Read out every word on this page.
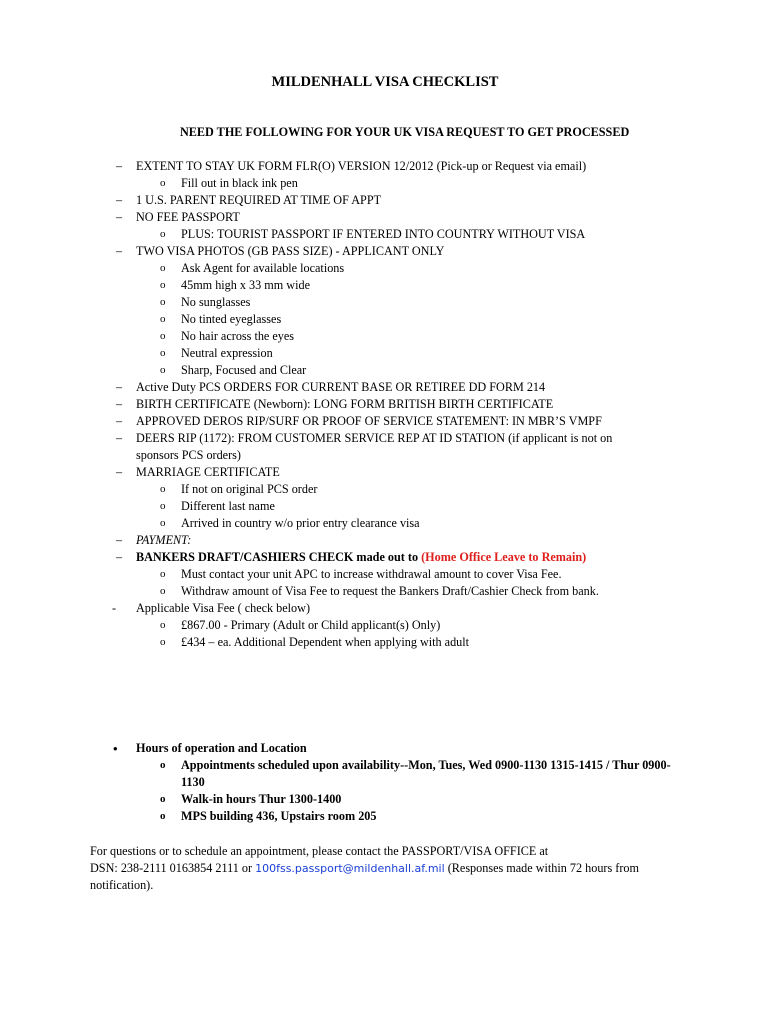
MILDENHALL VISA CHECKLIST
NEED THE FOLLOWING FOR YOUR UK VISA REQUEST TO GET PROCESSED
– EXTENT TO STAY UK FORM FLR(O) VERSION 12/2012 (Pick-up or Request via email)
o Fill out in black ink pen
– 1 U.S. PARENT REQUIRED AT TIME OF APPT
– NO FEE PASSPORT
o PLUS: TOURIST PASSPORT IF ENTERED INTO COUNTRY WITHOUT VISA
– TWO VISA PHOTOS (GB PASS SIZE) - APPLICANT ONLY
o Ask Agent for available locations
o 45mm high x 33 mm wide
o No sunglasses
o No tinted eyeglasses
o No hair across the eyes
o Neutral expression
o Sharp, Focused and Clear
– Active Duty PCS ORDERS FOR CURRENT BASE OR RETIREE DD FORM 214
– BIRTH CERTIFICATE (Newborn): LONG FORM BRITISH BIRTH CERTIFICATE
– APPROVED DEROS RIP/SURF OR PROOF OF SERVICE STATEMENT: IN MBR’S VMPF
– DEERS RIP (1172): FROM CUSTOMER SERVICE REP AT ID STATION (if applicant is not on sponsors PCS orders)
– MARRIAGE CERTIFICATE
o If not on original PCS order
o Different last name
o Arrived in country w/o prior entry clearance visa
– PAYMENT:
– BANKERS DRAFT/CASHIERS CHECK made out to (Home Office Leave to Remain)
o Must contact your unit APC to increase withdrawal amount to cover Visa Fee.
o Withdraw amount of Visa Fee to request the Bankers Draft/Cashier Check from bank.
- Applicable Visa Fee ( check below)
o £867.00 - Primary (Adult or Child applicant(s) Only)
o £434 – ea. Additional Dependent when applying with adult
• Hours of operation and Location
o Appointments scheduled upon availability--Mon, Tues, Wed 0900-1130 1315-1415 / Thur 0900-1130
o Walk-in hours Thur 1300-1400
o MPS building 436, Upstairs room 205
For questions or to schedule an appointment, please contact the PASSPORT/VISA OFFICE at
DSN: 238-2111 0163854 2111 or 100fss.passport@mildenhall.af.mil (Responses made within 72 hours from notification).
